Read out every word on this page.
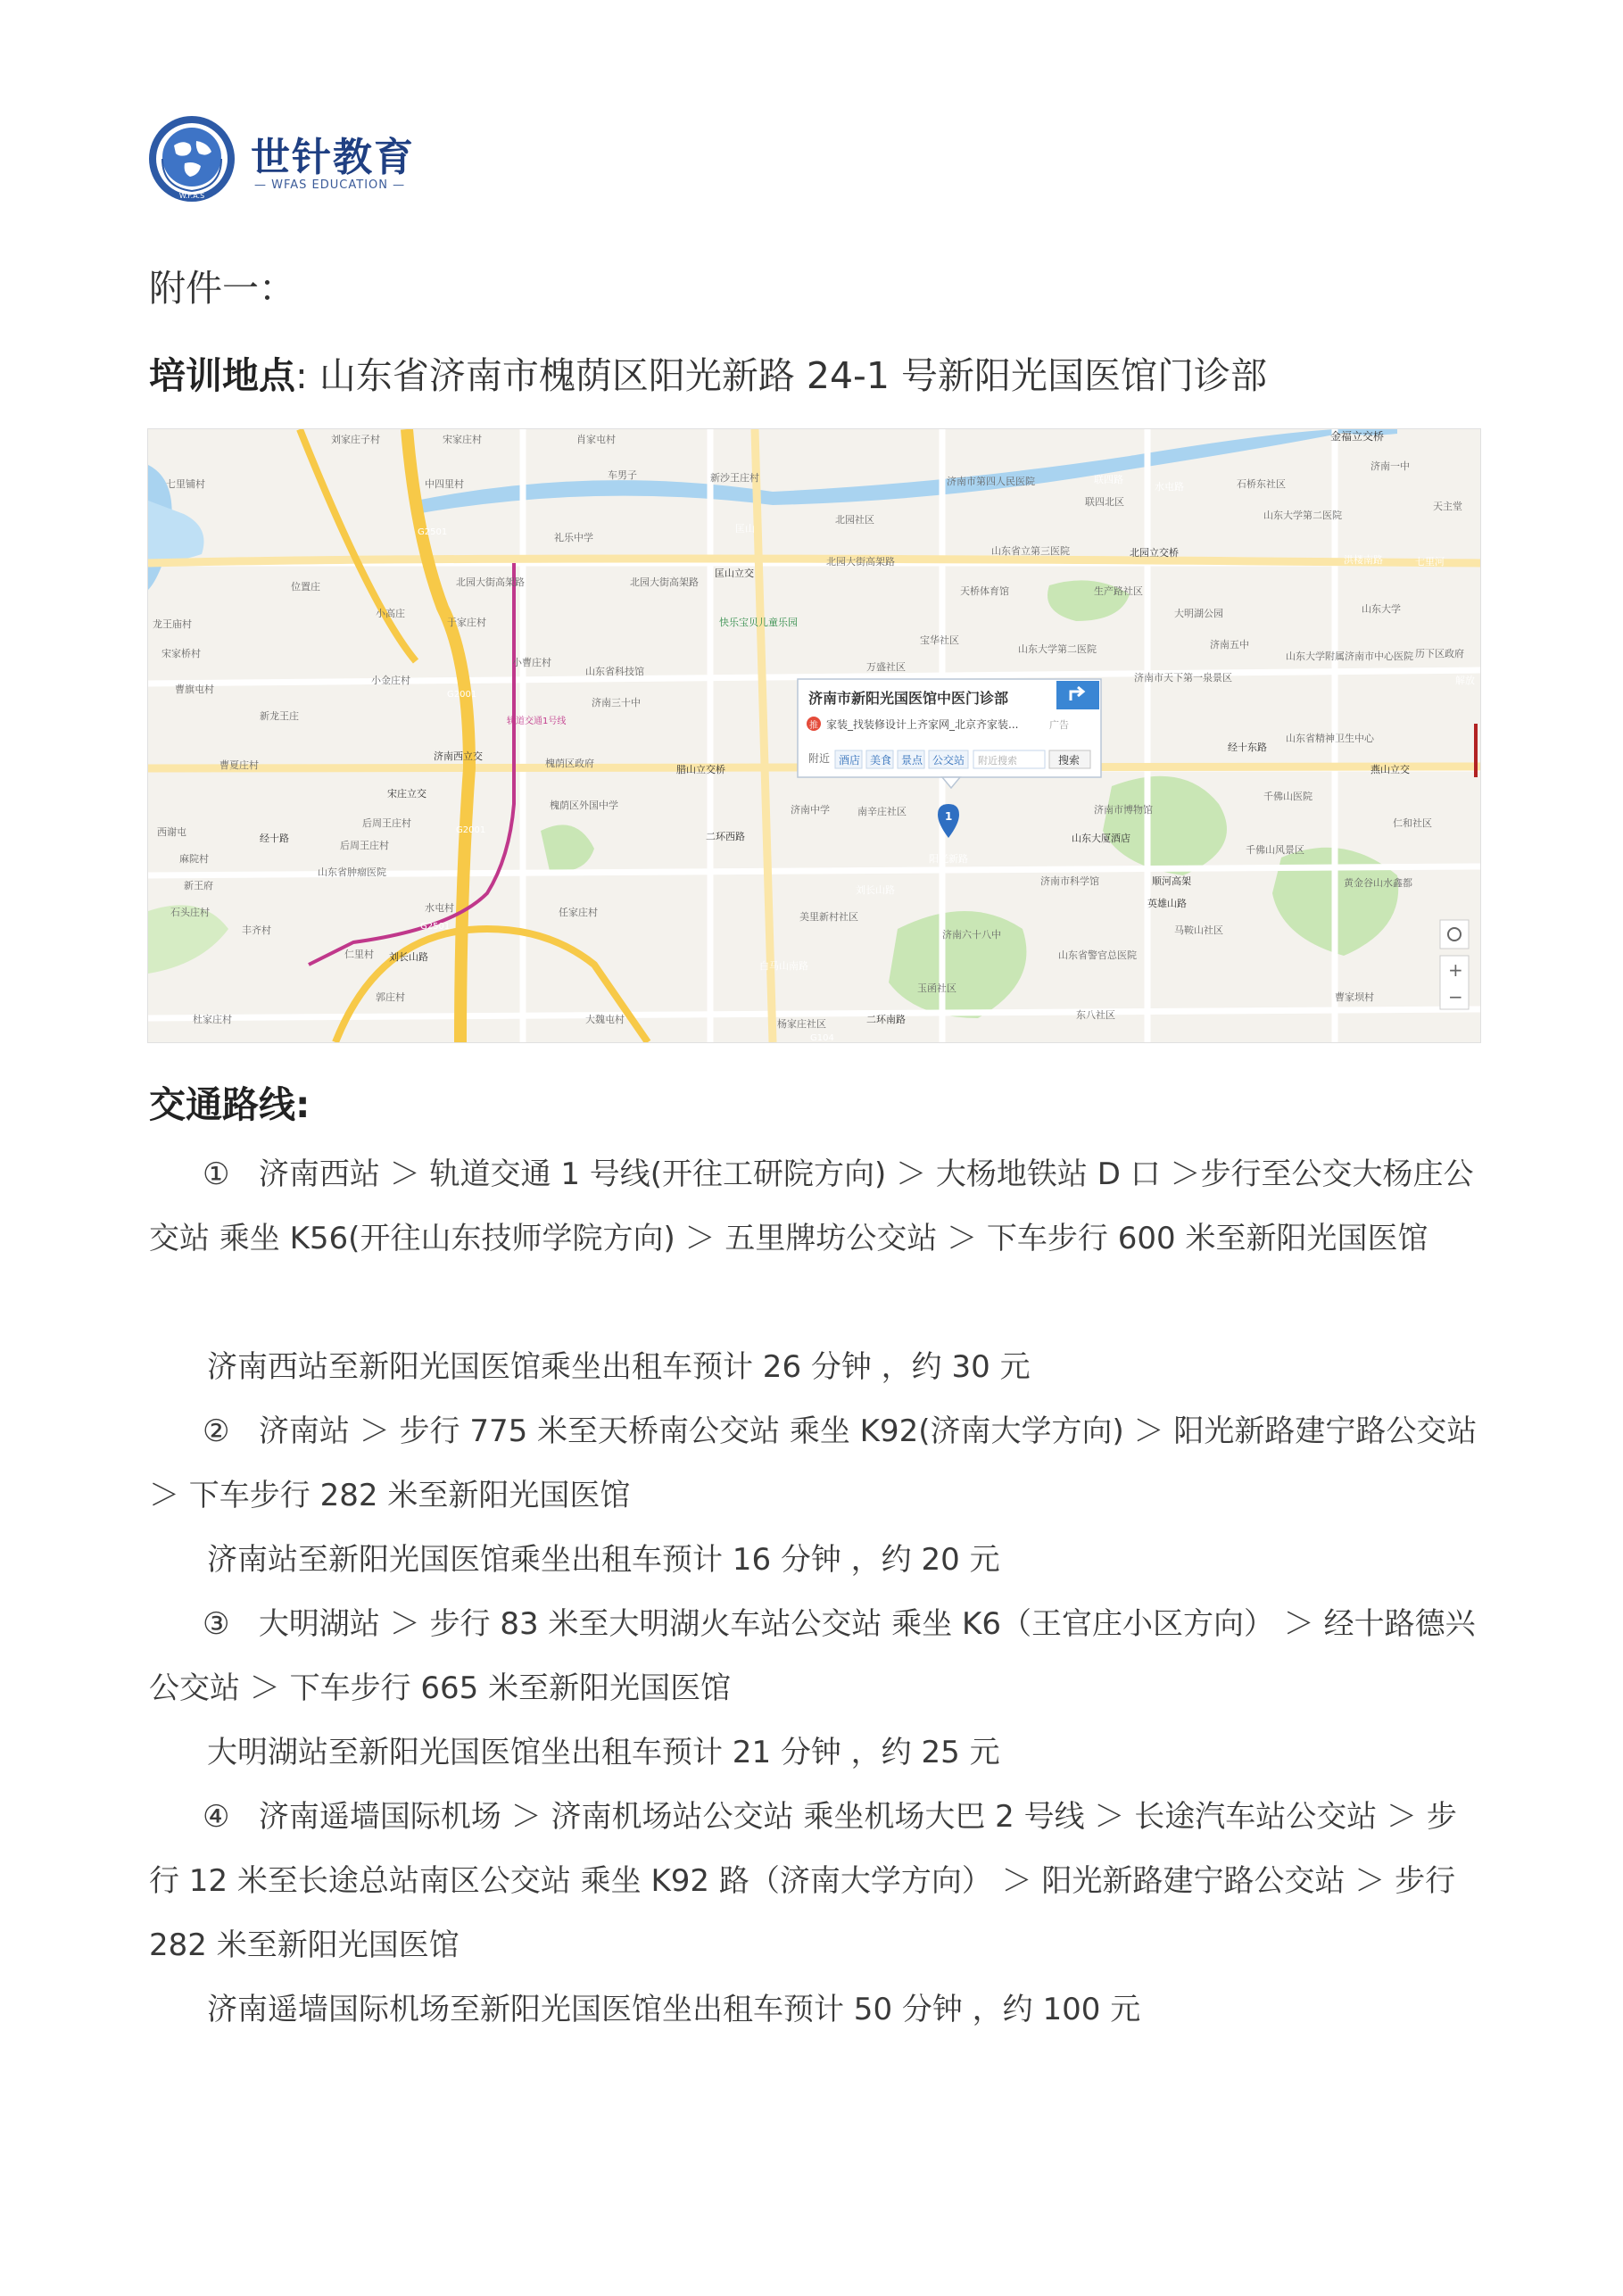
W.F.A.S
世针教育
— WFAS EDUCATION —
附件一：
培训地点: 山东省济南市槐荫区阳光新路 24-1 号新阳光国医馆门诊部
济南市新阳光国医馆中医门诊部
推 家装_找装修设计上齐家网_北京齐家装...	广告
附近 酒店 美食 景点 公交站 附近搜索	搜索
1
+
−
刘家庄子村	宋家庄村	肖家屯村	金福立交桥
七里铺村	中四里村
车男子	新沙王庄村	济南市第四人民医院	联四路
水屯路	石桥东社区
济南一中
天主堂
G2501	礼乐中学
匡山
北园社区
联四北区
山东大学第二医院
北园大街高架路	北园大街高架路
匡山立交
北园大街高架路
山东省立第三医院	北园立交桥
洪楼南路	七里河
位置庄
小高庄
于家庄村	快乐宝贝儿童乐园
天桥体育馆	生产路社区
大明湖公园	山东大学
龙王庙村
宋家桥村
小曹庄村
山东省科技馆
宝华社区
山东大学第二医院	济南五中
山东大学附属济南市中心医院 历下区政府
曹旗屯村
小金庄村
G2001
济南三十中
万盛社区
济南市天下第一泉景区	解放
新龙王庄
济南西立交
槐荫区政府
腊山立交桥
山东省精神卫生中心
燕山立交
曹夏庄村
宋庄立交
槐荫区外国中学	济南中学	南辛庄社区	济南市博物馆
千佛山医院
西谢屯
后周王庄村
G2001
阳光新路
山东大厦酒店
千佛山风景区
仁和社区
麻院村
新王府
山东省肿瘤医院
后周王庄村
刘长山路
济南市科学馆
英雄山路
黄金谷山水鑫都
石头庄村
丰齐村
水屯村	任家庄村	美里新村社区
济南六十八中	马鞍山社区
仁里村 刘长山路
白马山南路
山东省警官总医院
杜家庄村
郭庄村
大魏屯村	杨家庄社区	二环南路
玉函社区
东八社区
曹家坝村
G104
G2501
经十路	二环西路
顺河高架
经十东路
轨道交通1号线
交通路线:
① 济南西站 ＞ 轨道交通 1 号线(开往工研院方向) ＞ 大杨地铁站 D 口 ＞步行至公交大杨庄公交站 乘坐 K56(开往山东技师学院方向) ＞ 五里牌坊公交站 ＞ 下车步行 600 米至新阳光国医馆
济南西站至新阳光国医馆乘坐出租车预计 26 分钟 ，约 30 元
② 济南站 ＞ 步行 775 米至天桥南公交站 乘坐 K92(济南大学方向) ＞ 阳光新路建宁路公交站 ＞ 下车步行 282 米至新阳光国医馆
济南站至新阳光国医馆乘坐出租车预计 16 分钟 ，约 20 元
③ 大明湖站 ＞ 步行 83 米至大明湖火车站公交站 乘坐 K6（王官庄小区方向） ＞ 经十路德兴公交站 ＞ 下车步行 665 米至新阳光国医馆
大明湖站至新阳光国医馆坐出租车预计 21 分钟 ，约 25 元
④ 济南遥墙国际机场 ＞ 济南机场站公交站 乘坐机场大巴 2 号线 ＞ 长途汽车站公交站 ＞ 步行 12 米至长途总站南区公交站 乘坐 K92 路（济南大学方向） ＞ 阳光新路建宁路公交站 ＞ 步行 282 米至新阳光国医馆
济南遥墙国际机场至新阳光国医馆坐出租车预计 50 分钟 ，约 100 元
